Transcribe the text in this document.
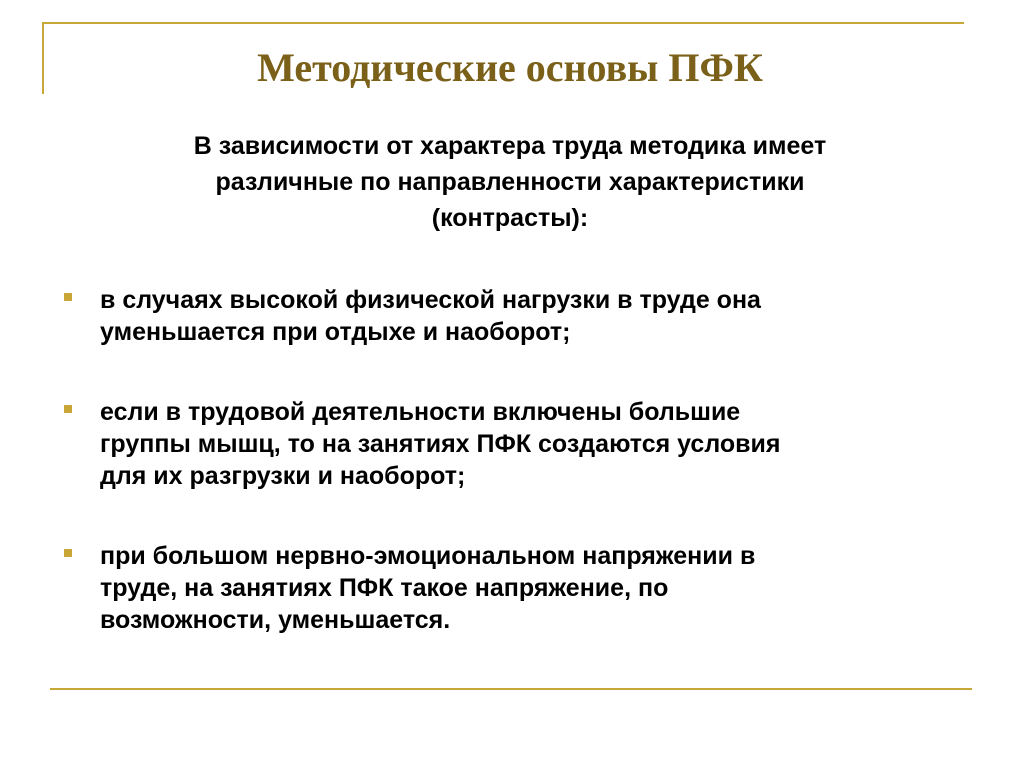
Методические основы ПФК

В зависимости от характера труда методика имеет
различные по направленности характеристики
(контрасты):

в случаях высокой физической нагрузки в труде она
уменьшается при отдыхе и наоборот;
если в трудовой деятельности включены большие
группы мышц, то на занятиях ПФК создаются условия
для их разгрузки и наоборот;
при большом нервно-эмоциональном напряжении в
труде, на занятиях ПФК такое напряжение, по
возможности, уменьшается.
